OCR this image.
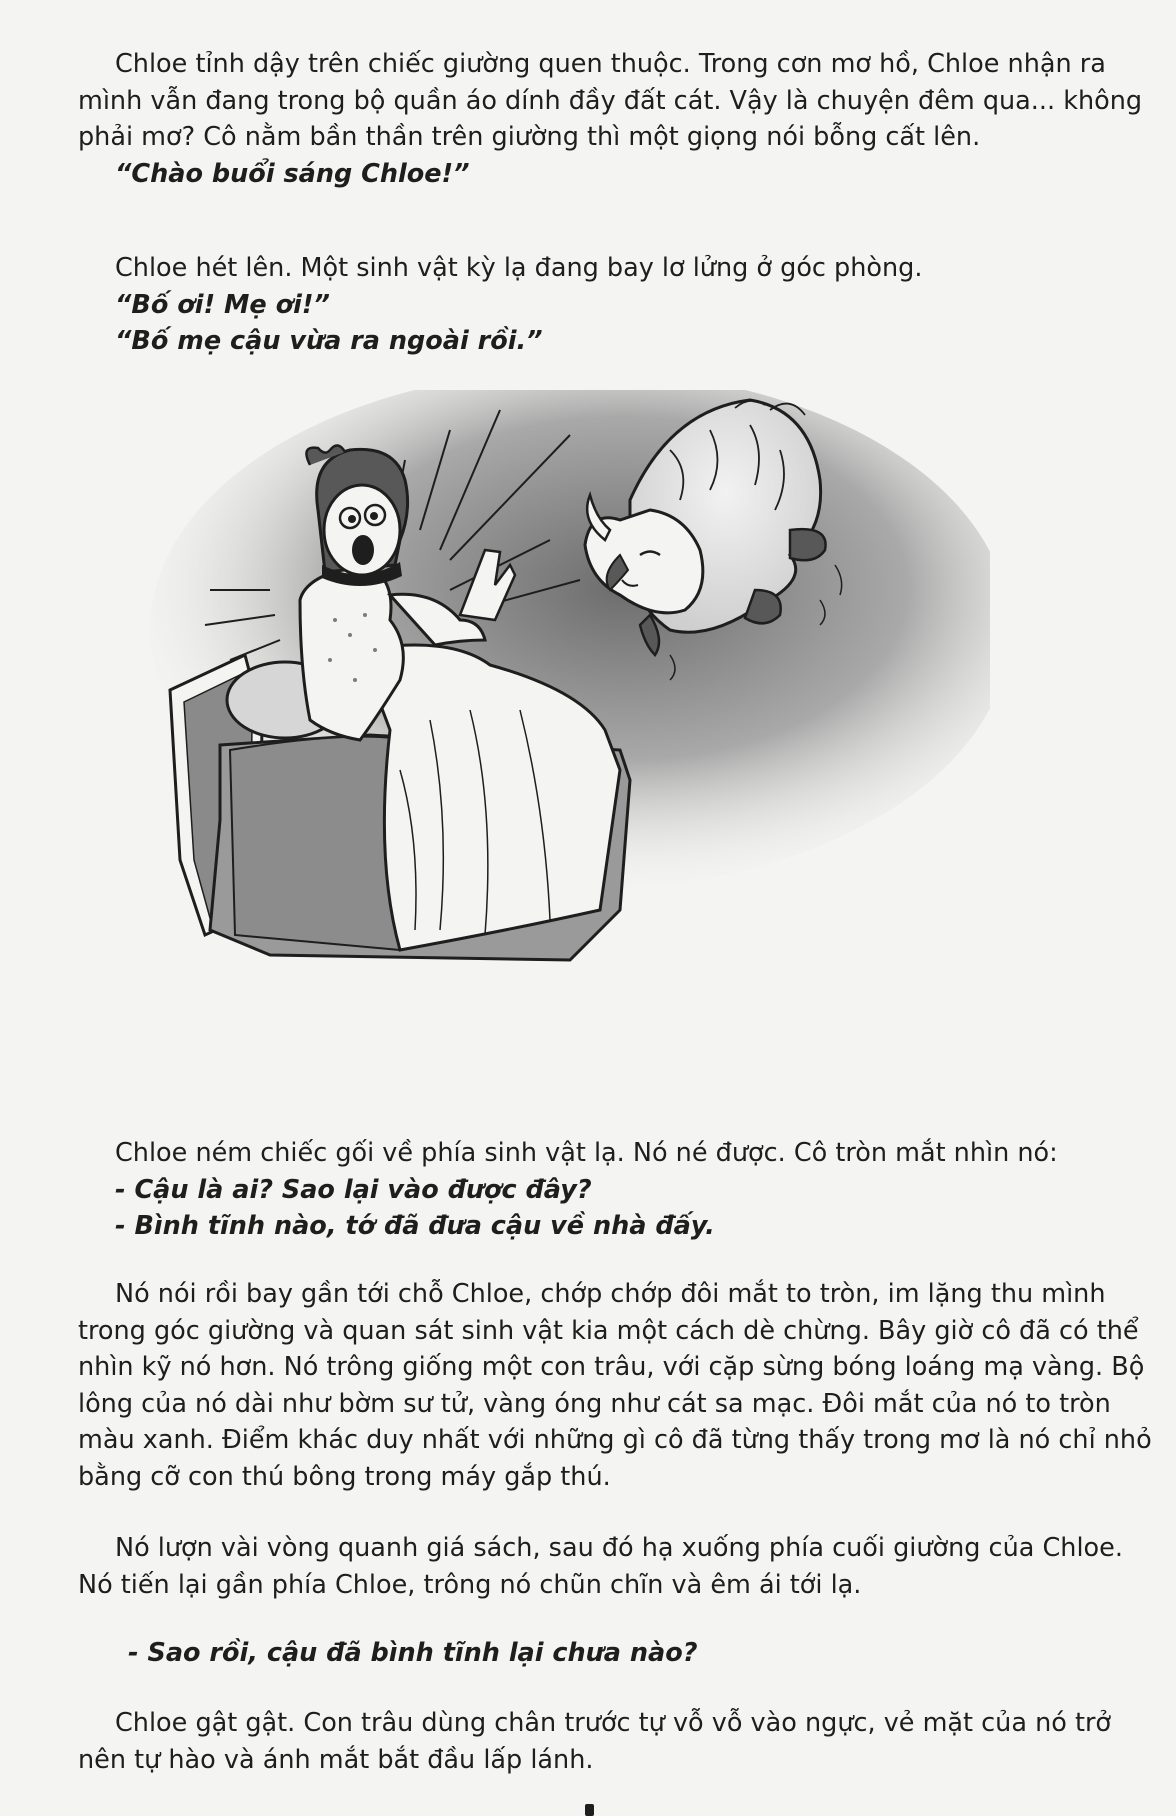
Chloe tỉnh dậy trên chiếc giường quen thuộc. Trong cơn mơ hồ, Chloe nhận ra

mình vẫn đang trong bộ quần áo dính đầy đất cát. Vậy là chuyện đêm qua... không

phải mơ? Cô nằm bần thần trên giường thì một giọng nói bỗng cất lên.

“Chào buổi sáng Chloe!”

Chloe hét lên. Một sinh vật kỳ lạ đang bay lơ lửng ở góc phòng.

“Bố ơi! Mẹ ơi!”

“Bố mẹ cậu vừa ra ngoài rồi.”

Chloe ném chiếc gối về phía sinh vật lạ. Nó né được. Cô tròn mắt nhìn nó:

- Cậu là ai? Sao lại vào được đây?

- Bình tĩnh nào, tớ đã đưa cậu về nhà đấy.

Nó nói rồi bay gần tới chỗ Chloe, chớp chớp đôi mắt to tròn, im lặng thu mình

trong góc giường và quan sát sinh vật kia một cách dè chừng. Bây giờ cô đã có thể

nhìn kỹ nó hơn. Nó trông giống một con trâu, với cặp sừng bóng loáng mạ vàng. Bộ

lông của nó dài như bờm sư tử, vàng óng như cát sa mạc. Đôi mắt của nó to tròn

màu xanh. Điểm khác duy nhất với những gì cô đã từng thấy trong mơ là nó chỉ nhỏ

bằng cỡ con thú bông trong máy gắp thú.

Nó lượn vài vòng quanh giá sách, sau đó hạ xuống phía cuối giường của Chloe.

Nó tiến lại gần phía Chloe, trông nó chũn chĩn và êm ái tới lạ.

- Sao rồi, cậu đã bình tĩnh lại chưa nào?

Chloe gật gật. Con trâu dùng chân trước tự vỗ vỗ vào ngực, vẻ mặt của nó trở

nên tự hào và ánh mắt bắt đầu lấp lánh.
